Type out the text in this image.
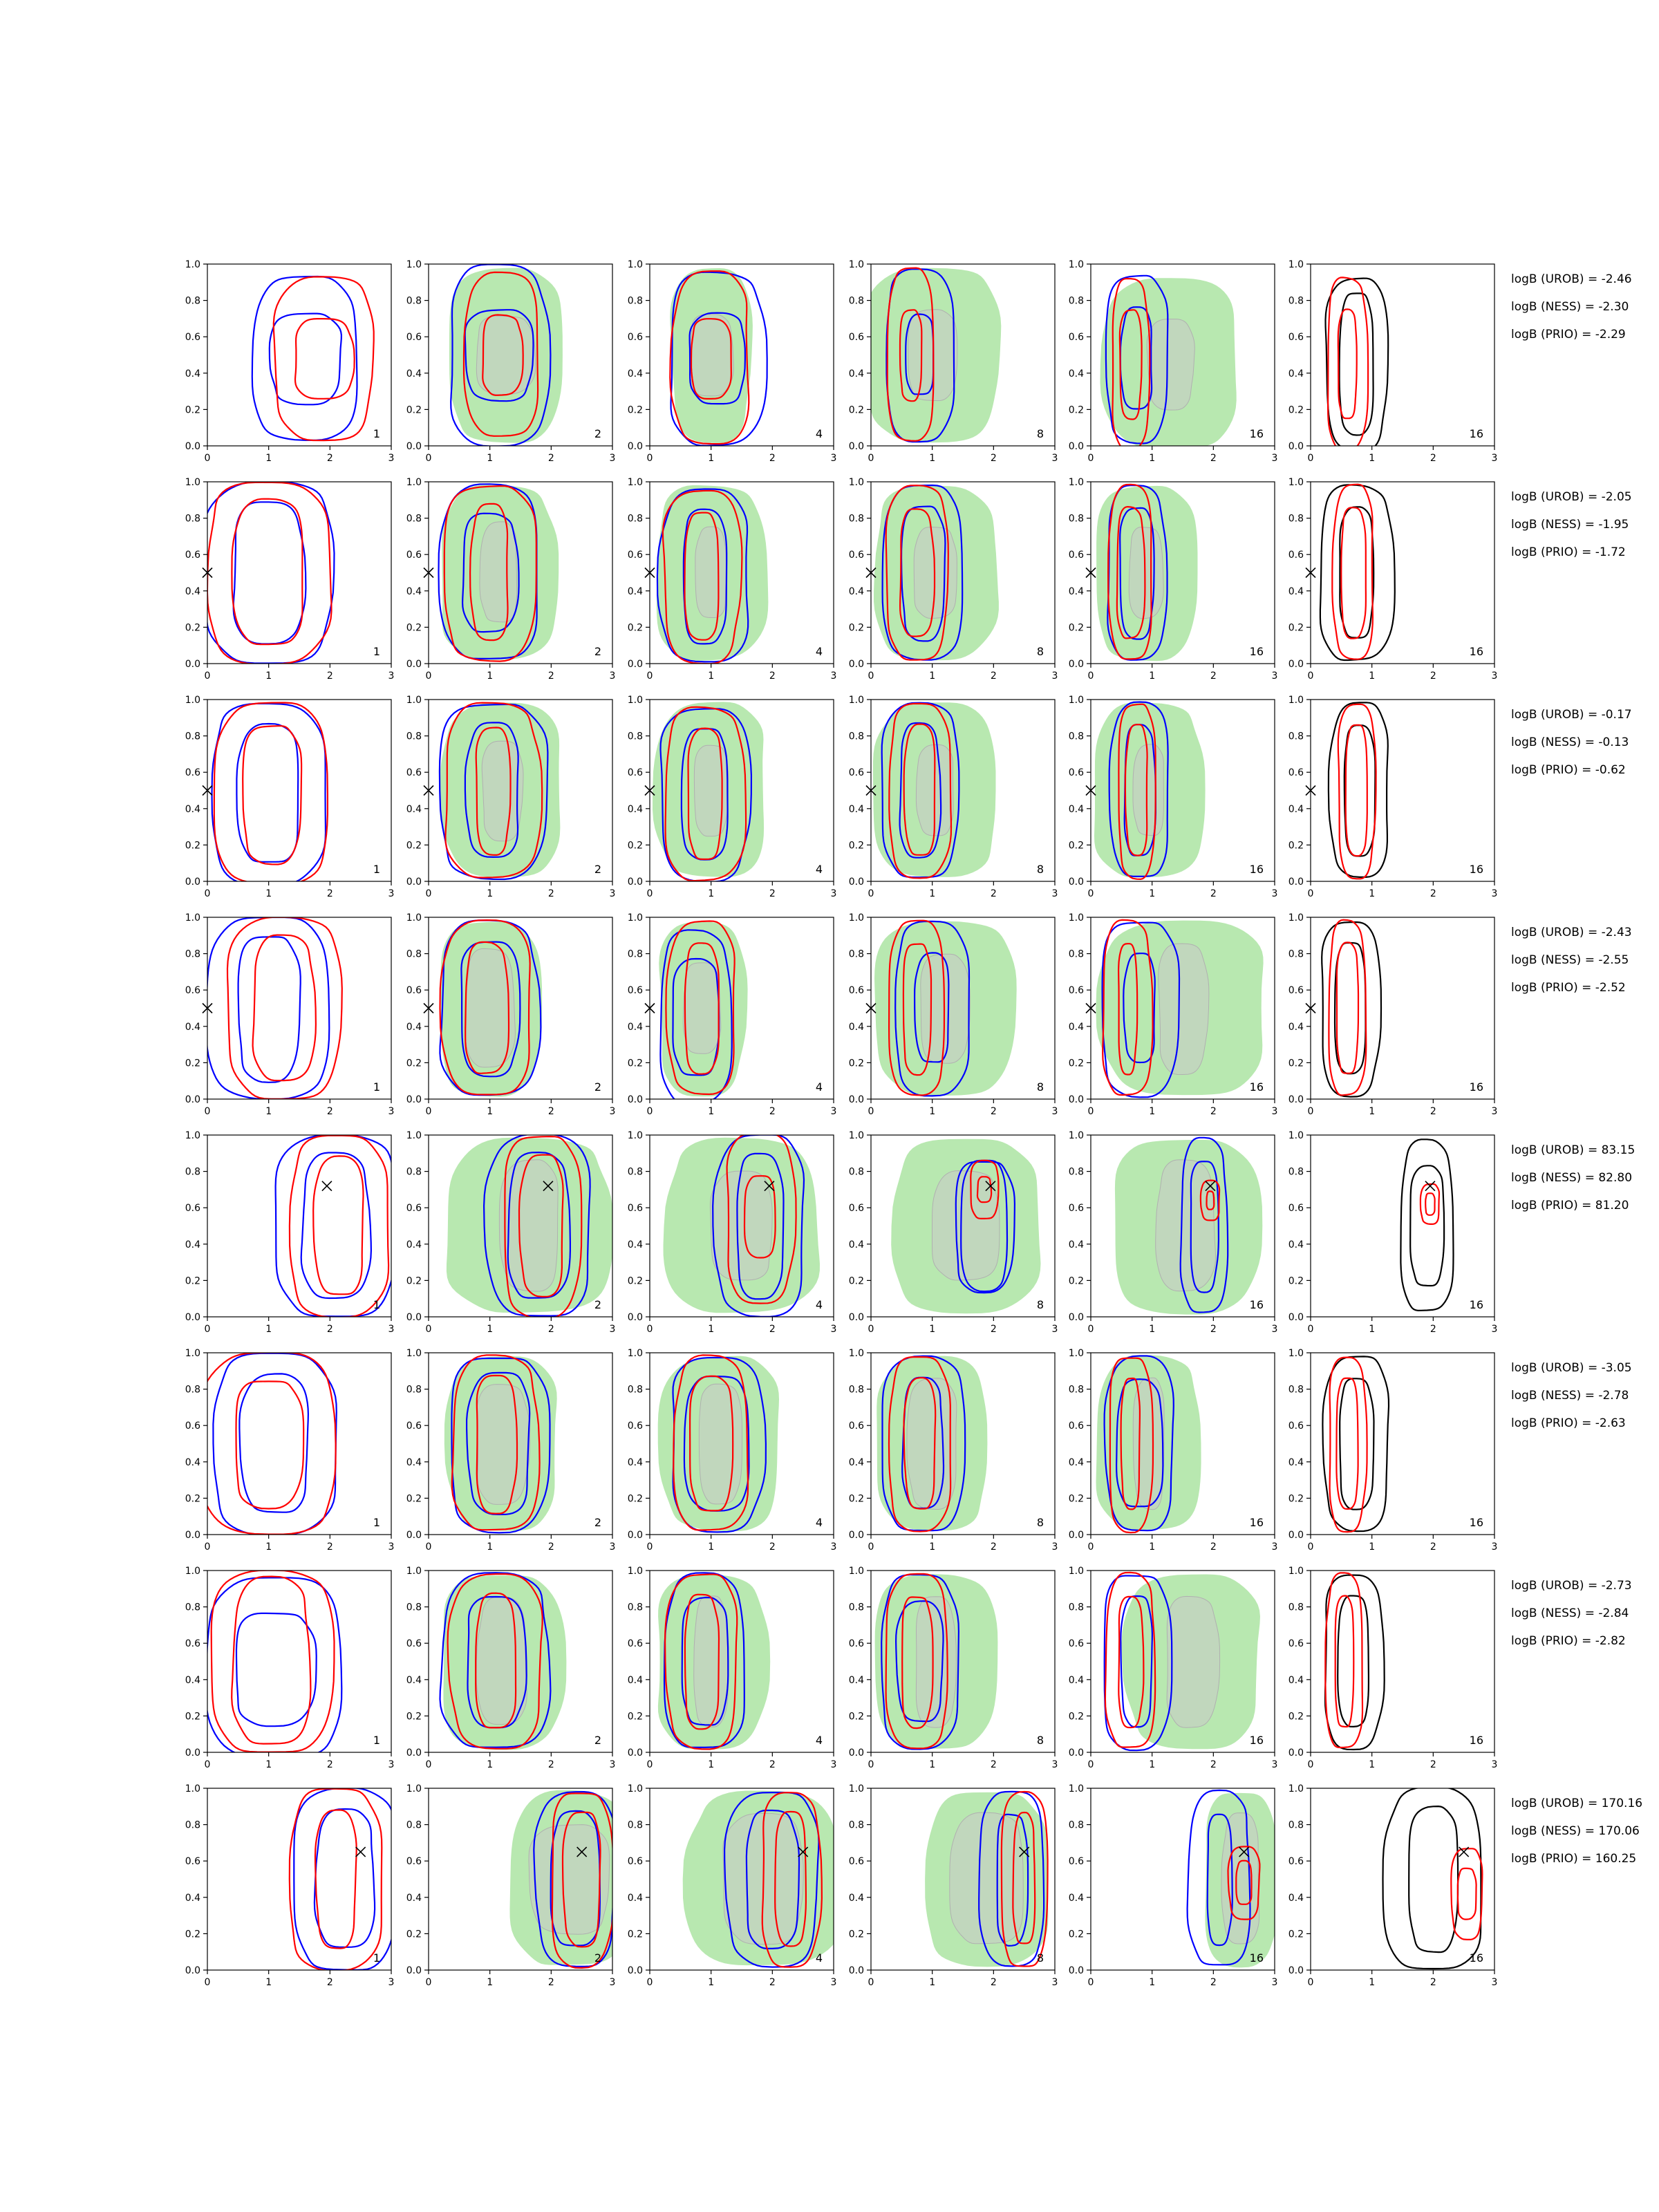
0	1	2	3
0.0
0.2
0.4
0.6
0.8
1.0
1
0	1	2	3
0.0
0.2
0.4
0.6
0.8
1.0
2
0	1	2	3
0.0
0.2
0.4
0.6
0.8
1.0
4
0	1	2	3
0.0
0.2
0.4
0.6
0.8
1.0
8
0	1	2	3
0.0
0.2
0.4
0.6
0.8
1.0
16
0	1	2	3
0.0
0.2
0.4
0.6
0.8
1.0
16
logB (UROB) = -2.46
logB (NESS) = -2.30
logB (PRIO) = -2.29
0	1	2	3
0.0
0.2
0.4
0.6
0.8
1.0
1
0	1	2	3
0.0
0.2
0.4
0.6
0.8
1.0
2
0	1	2	3
0.0
0.2
0.4
0.6
0.8
1.0
4
0	1	2	3
0.0
0.2
0.4
0.6
0.8
1.0
8
0	1	2	3
0.0
0.2
0.4
0.6
0.8
1.0
16
0	1	2	3
0.0
0.2
0.4
0.6
0.8
1.0
16
logB (UROB) = -2.05
logB (NESS) = -1.95
logB (PRIO) = -1.72
0	1	2	3
0.0
0.2
0.4
0.6
0.8
1.0
1
0	1	2	3
0.0
0.2
0.4
0.6
0.8
1.0
2
0	1	2	3
0.0
0.2
0.4
0.6
0.8
1.0
4
0	1	2	3
0.0
0.2
0.4
0.6
0.8
1.0
8
0	1	2	3
0.0
0.2
0.4
0.6
0.8
1.0
16
0	1	2	3
0.0
0.2
0.4
0.6
0.8
1.0
16
logB (UROB) = -0.17
logB (NESS) = -0.13
logB (PRIO) = -0.62
0	1	2	3
0.0
0.2
0.4
0.6
0.8
1.0
1
0	1	2	3
0.0
0.2
0.4
0.6
0.8
1.0
2
0	1	2	3
0.0
0.2
0.4
0.6
0.8
1.0
4
0	1	2	3
0.0
0.2
0.4
0.6
0.8
1.0
8
0	1	2	3
0.0
0.2
0.4
0.6
0.8
1.0
16
0	1	2	3
0.0
0.2
0.4
0.6
0.8
1.0
16
logB (UROB) = -2.43
logB (NESS) = -2.55
logB (PRIO) = -2.52
0	1	2	3
0.0
0.2
0.4
0.6
0.8
1.0
1
0	1	2	3
0.0
0.2
0.4
0.6
0.8
1.0
2
0	1	2	3
0.0
0.2
0.4
0.6
0.8
1.0
4
0	1	2	3
0.0
0.2
0.4
0.6
0.8
1.0
8
0	1	2	3
0.0
0.2
0.4
0.6
0.8
1.0
16
0	1	2	3
0.0
0.2
0.4
0.6
0.8
1.0
16
logB (UROB) = 83.15
logB (NESS) = 82.80
logB (PRIO) = 81.20
0	1	2	3
0.0
0.2
0.4
0.6
0.8
1.0
1
0	1	2	3
0.0
0.2
0.4
0.6
0.8
1.0
2
0	1	2	3
0.0
0.2
0.4
0.6
0.8
1.0
4
0	1	2	3
0.0
0.2
0.4
0.6
0.8
1.0
8
0	1	2	3
0.0
0.2
0.4
0.6
0.8
1.0
16
0	1	2	3
0.0
0.2
0.4
0.6
0.8
1.0
16
logB (UROB) = -3.05
logB (NESS) = -2.78
logB (PRIO) = -2.63
0	1	2	3
0.0
0.2
0.4
0.6
0.8
1.0
1
0	1	2	3
0.0
0.2
0.4
0.6
0.8
1.0
2
0	1	2	3
0.0
0.2
0.4
0.6
0.8
1.0
4
0	1	2	3
0.0
0.2
0.4
0.6
0.8
1.0
8
0	1	2	3
0.0
0.2
0.4
0.6
0.8
1.0
16
0	1	2	3
0.0
0.2
0.4
0.6
0.8
1.0
16
logB (UROB) = -2.73
logB (NESS) = -2.84
logB (PRIO) = -2.82
0	1	2	3
0.0
0.2
0.4
0.6
0.8
1.0
1
0	1	2	3
0.0
0.2
0.4
0.6
0.8
1.0
2
0	1	2	3
0.0
0.2
0.4
0.6
0.8
1.0
4
0	1	2	3
0.0
0.2
0.4
0.6
0.8
1.0
8
0	1	2	3
0.0
0.2
0.4
0.6
0.8
1.0
16
0	1	2	3
0.0
0.2
0.4
0.6
0.8
1.0
16
logB (UROB) = 170.16
logB (NESS) = 170.06
logB (PRIO) = 160.25
